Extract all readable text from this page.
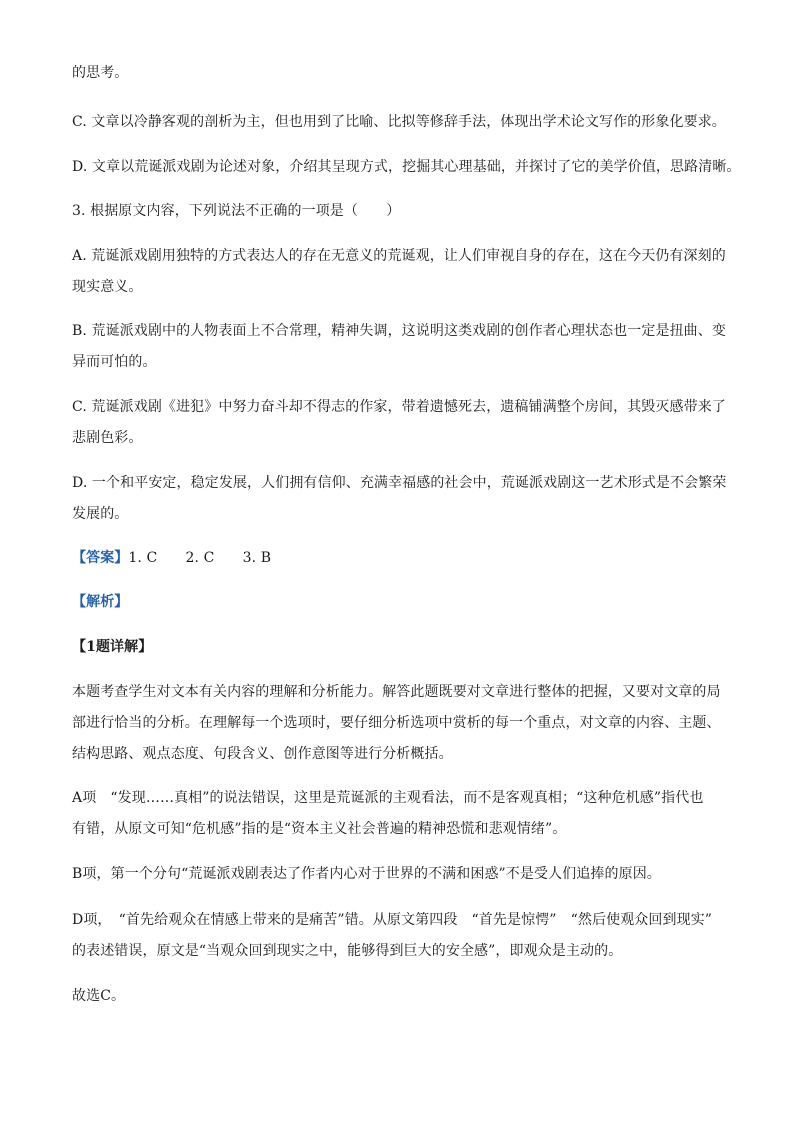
的思考。
C. 文章以冷静客观的剖析为主，但也用到了比喻、比拟等修辞手法，体现出学术论文写作的形象化要求。
D. 文章以荒诞派戏剧为论述对象，介绍其呈现方式，挖掘其心理基础，并探讨了它的美学价值，思路清晰。
3. 根据原文内容，下列说法不正确的一项是（　　）
A. 荒诞派戏剧用独特的方式表达人的存在无意义的荒诞观，让人们审视自身的存在，这在今天仍有深刻的
现实意义。
B. 荒诞派戏剧中的人物表面上不合常理，精神失调，这说明这类戏剧的创作者心理状态也一定是扭曲、变
异而可怕的。
C. 荒诞派戏剧《进犯》中努力奋斗却不得志的作家，带着遗憾死去，遗稿铺满整个房间，其毁灭感带来了
悲剧色彩。
D. 一个和平安定，稳定发展，人们拥有信仰、充满幸福感的社会中，荒诞派戏剧这一艺术形式是不会繁荣
发展的。
【答案】1. C　　2. C　　3. B
【解析】
【1题详解】
本题考查学生对文本有关内容的理解和分析能力。解答此题既要对文章进行整体的把握，又要对文章的局
部进行恰当的分析。在理解每一个选项时，要仔细分析选项中赏析的每一个重点，对文章的内容、主题、
结构思路、观点态度、句段含义、创作意图等进行分析概括。
A项　“发现……真相”的说法错误，这里是荒诞派的主观看法，而不是客观真相；“这种危机感”指代也
有错，从原文可知“危机感”指的是“资本主义社会普遍的精神恐慌和悲观情绪”。
B项，第一个分句“荒诞派戏剧表达了作者内心对于世界的不满和困惑”不是受人们追捧的原因。
D项，　“首先给观众在情感上带来的是痛苦”错。从原文第四段　“首先是惊愕”　“然后使观众回到现实”
的表述错误，原文是“当观众回到现实之中，能够得到巨大的安全感”，即观众是主动的。
故选C。
